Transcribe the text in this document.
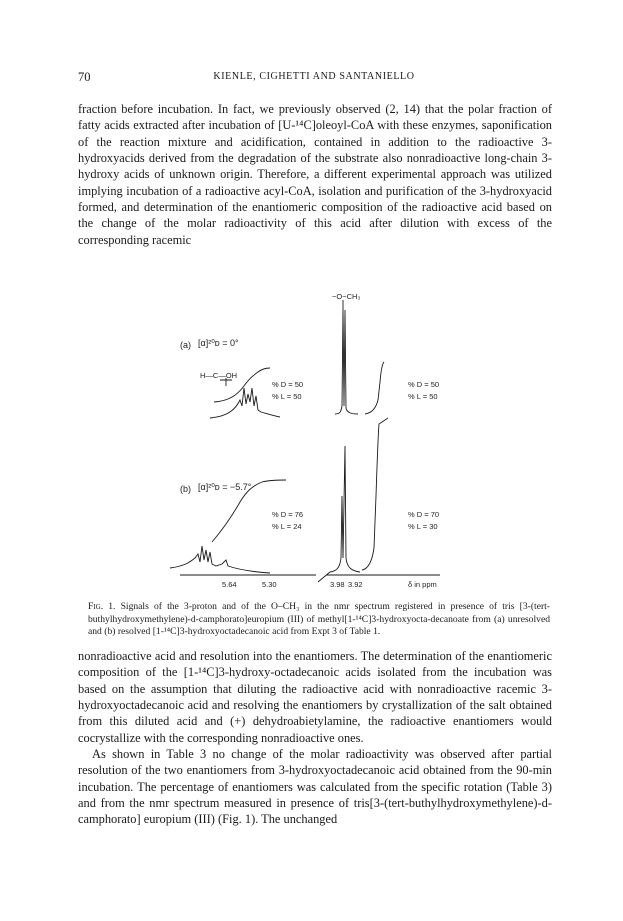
70	KIENLE, CIGHETTI AND SANTANIELLO

fraction before incubation. In fact, we previously observed (2, 14) that the polar fraction of fatty acids extracted after incubation of [U-¹⁴C]oleoyl-CoA with these enzymes, saponification of the reaction mixture and acidification, contained in addition to the radioactive 3-hydroxyacids derived from the degradation of the substrate also nonradioactive long-chain 3-hydroxy acids of unknown origin. Therefore, a different experimental approach was utilized implying incubation of a radioactive acyl-CoA, isolation and purification of the 3-hydroxyacid formed, and determination of the enantiomeric composition of the radioactive acid based on the change of the molar radioactivity of this acid after dilution with excess of the corresponding racemic

−O−CH₃
(a) [α]²⁰ᴅ = 0°
H—C—OH
% D = 50
% L = 50
% D = 50
% L = 50
(b) [α]²⁰ᴅ = −5.7°
% D = 76
% L = 24
% D = 70
% L = 30
5.64	5.30	3.98 3.92	δ in ppm
Fig. 1. Signals of the 3-proton and of the O–CH₃ in the nmr spectrum registered in presence of tris [3-(tert-buthylhydroxymethylene)-d-camphorato]europium (III) of methyl[1-¹⁴C]3-hydroxyocta-decanoate from (a) unresolved and (b) resolved [1-¹⁴C]3-hydroxyoctadecanoic acid from Expt 3 of Table 1.

nonradioactive acid and resolution into the enantiomers. The determination of the enantiomeric composition of the [1-¹⁴C]3-hydroxy-octadecanoic acids isolated from the incubation was based on the assumption that diluting the radioactive acid with nonradioactive racemic 3-hydroxyoctadecanoic acid and resolving the enantiomers by crystallization of the salt obtained from this diluted acid and (+) dehydroabietylamine, the radioactive enantiomers would cocrystallize with the corresponding nonradioactive ones.

As shown in Table 3 no change of the molar radioactivity was observed after partial resolution of the two enantiomers from 3-hydroxyoctadecanoic acid obtained from the 90-min incubation. The percentage of enantiomers was calculated from the specific rotation (Table 3) and from the nmr spectrum measured in presence of tris[3-(tert-buthylhydroxymethylene)-d-camphorato] europium (III) (Fig. 1). The unchanged
